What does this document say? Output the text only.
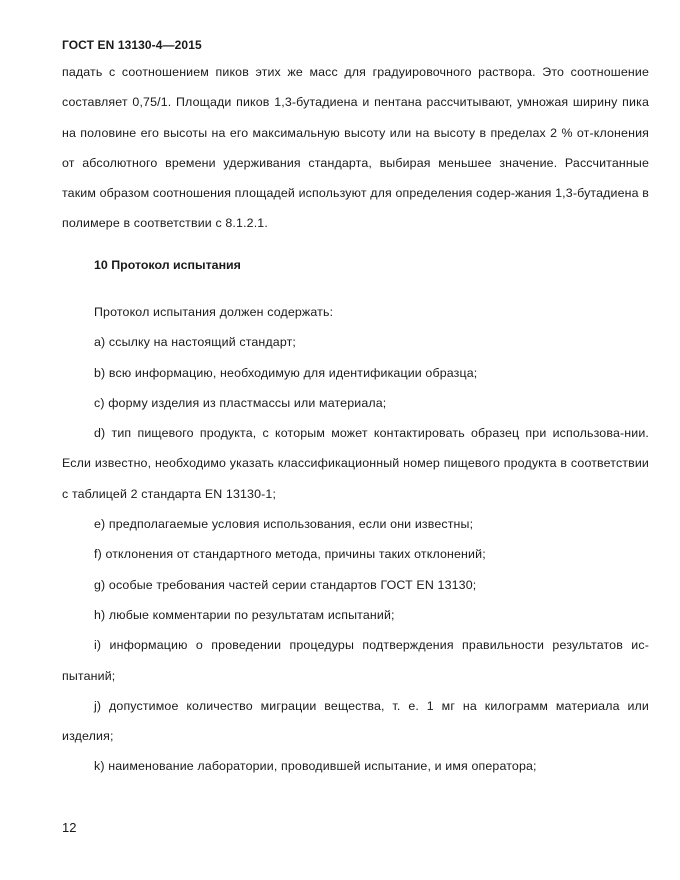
ГОСТ EN 13130-4—2015

падать с соотношением пиков этих же масс для градуировочного раствора. Это соотношение составляет 0,75/1. Площади пиков 1,3-бутадиена и пентана рассчитывают, умножая ширину пика на половине его высоты на его максимальную высоту или на высоту в пределах 2 % от-клонения от абсолютного времени удерживания стандарта, выбирая меньшее значение. Рассчитанные таким образом соотношения площадей используют для определения содер-жания 1,3-бутадиена в полимере в соответствии с 8.1.2.1.

10 Протокол испытания

Протокол испытания должен содержать:

a) ссылку на настоящий стандарт;

b) всю информацию, необходимую для идентификации образца;

c) форму изделия из пластмассы или материала;

d) тип пищевого продукта, с которым может контактировать образец при использова-нии. Если известно, необходимо указать классификационный номер пищевого продукта в соответствии с таблицей 2 стандарта EN 13130-1;

e) предполагаемые условия использования, если они известны;

f) отклонения от стандартного метода, причины таких отклонений;

g) особые требования частей серии стандартов ГОСТ EN 13130;

h) любые комментарии по результатам испытаний;

i) информацию о проведении процедуры подтверждения правильности результатов ис-пытаний;

j) допустимое количество миграции вещества, т. е. 1 мг на килограмм материала или изделия;

k) наименование лаборатории, проводившей испытание, и имя оператора;

12
